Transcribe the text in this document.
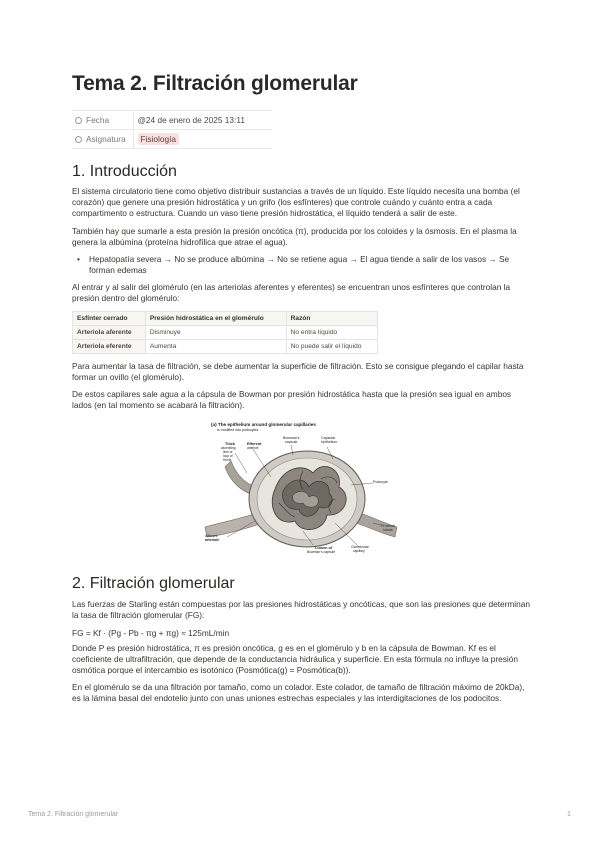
Tema 2. Filtración glomerular
Fecha	@24 de enero de 2025 13:11
Asignatura	Fisiología
1. Introducción

El sistema circulatorio tiene como objetivo distribuir sustancias a través de un líquido. Este líquido necesita una bomba (el corazón) que genere una presión hidrostática y un grifo (los esfínteres) que controle cuándo y cuánto entra a cada compartimento o estructura. Cuando un vaso tiene presión hidrostática, el líquido tenderá a salir de este.

También hay que sumarle a esta presión la presión oncótica (π), producida por los coloides y la ósmosis. En el plasma la genera la albúmina (proteína hidrofílica que atrae el agua).

• Hepatopatía severa → No se produce albúmina → No se retiene agua → El agua tiende a salir de los vasos → Se forman edemas

Al entrar y al salir del glomérulo (en las arteriolas aferentes y eferentes) se encuentran unos esfínteres que controlan la presión dentro del glomérulo:

Esfínter cerrado	Presión hidrostática en el glomérulo	Razón
Arteriola aferente	Disminuye	No entra líquido
Arteriola eferente	Aumenta	No puede salir el líquido

Para aumentar la tasa de filtración, se debe aumentar la superficie de filtración. Esto se consigue plegando el capilar hasta formar un ovillo (el glomérulo).

De estos capilares sale agua a la cápsula de Bowman por presión hidrostática hasta que la presión sea igual en ambos lados (en tal momento se acabará la filtración).

(a) The epithelium around glomerular capillaries
is modified into podocytes.
Thick
ascending
limb of
loop of
Henle
Efferent
arteriole
Bowman's
capsule
Capsular
epithelium
Podocyte
Afferent
arteriole
Proximal
tubule
Lumen of
Bowman's capsule
Glomerular
capillary
2. Filtración glomerular

Las fuerzas de Starling están compuestas por las presiones hidrostáticas y oncóticas, que son las presiones que determinan la tasa de filtración glomerular (FG):

FG = Kf · (Pg - Pb - πg + πg) ≈ 125mL/min

Donde P es presión hidrostática, π es presión oncótica, g es en el glomérulo y b en la cápsula de Bowman. Kf es el coeficiente de ultrafiltración, que depende de la conductancia hidráulica y superficie. En esta fórmula no influye la presión osmótica porque el intercambio es isotónico (Posmótica(g) = Posmótica(b)).

En el glomérulo se da una filtración por tamaño, como un colador. Este colador, de tamaño de filtración máximo de 20kDa), es la lámina basal del endotelio junto con unas uniones estrechas especiales y las interdigitaciones de los podocitos.

Tema 2. Filtración glomerular	1
